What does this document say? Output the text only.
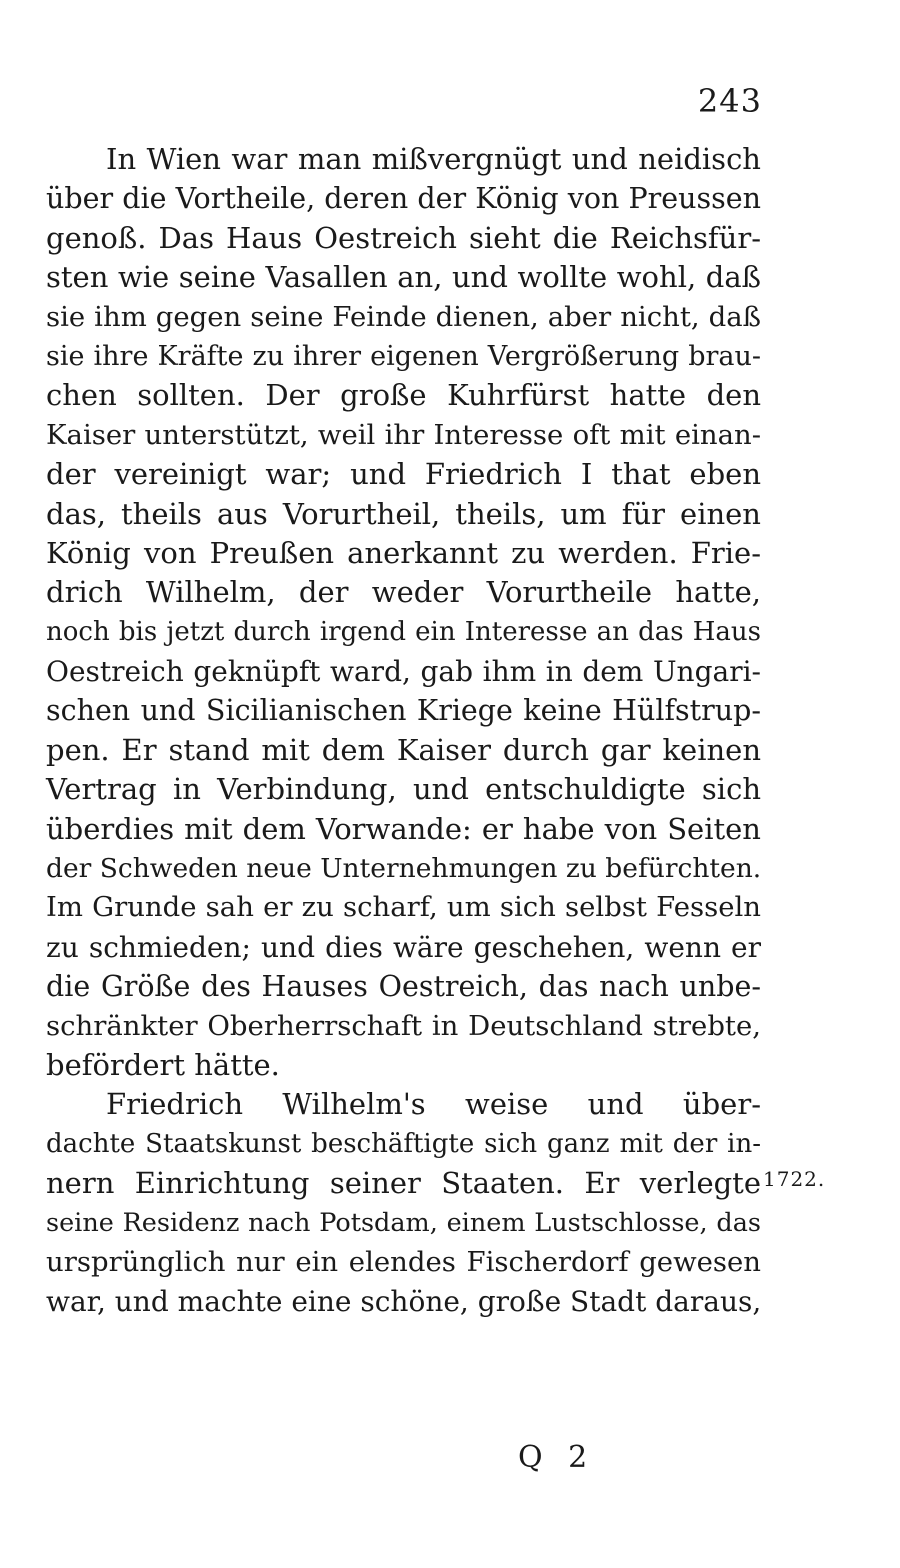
243
In Wien war man mißvergnügt und neidisch
über die Vortheile, deren der König von Preussen
genoß. Das Haus Oestreich sieht die Reichsfür-
sten wie seine Vasallen an, und wollte wohl, daß
sie ihm gegen seine Feinde dienen, aber nicht, daß
sie ihre Kräfte zu ihrer eigenen Vergrößerung brau-
chen sollten. Der große Kuhrfürst hatte den
Kaiser unterstützt, weil ihr Interesse oft mit einan-
der vereinigt war; und Friedrich I that eben
das, theils aus Vorurtheil, theils, um für einen
König von Preußen anerkannt zu werden. Frie-
drich Wilhelm, der weder Vorurtheile hatte,
noch bis jetzt durch irgend ein Interesse an das Haus
Oestreich geknüpft ward, gab ihm in dem Ungari-
schen und Sicilianischen Kriege keine Hülfstrup-
pen. Er stand mit dem Kaiser durch gar keinen
Vertrag in Verbindung, und entschuldigte sich
überdies mit dem Vorwande: er habe von Seiten
der Schweden neue Unternehmungen zu befürchten.
Im Grunde sah er zu scharf, um sich selbst Fesseln
zu schmieden; und dies wäre geschehen, wenn er
die Größe des Hauses Oestreich, das nach unbe-
schränkter Oberherrschaft in Deutschland strebte,
befördert hätte.
Friedrich Wilhelm's weise und über-
dachte Staatskunst beschäftigte sich ganz mit der in-
nern Einrichtung seiner Staaten. Er verlegte
seine Residenz nach Potsdam, einem Lustschlosse, das
ursprünglich nur ein elendes Fischerdorf gewesen
war, und machte eine schöne, große Stadt daraus,
1722.
Q 2
